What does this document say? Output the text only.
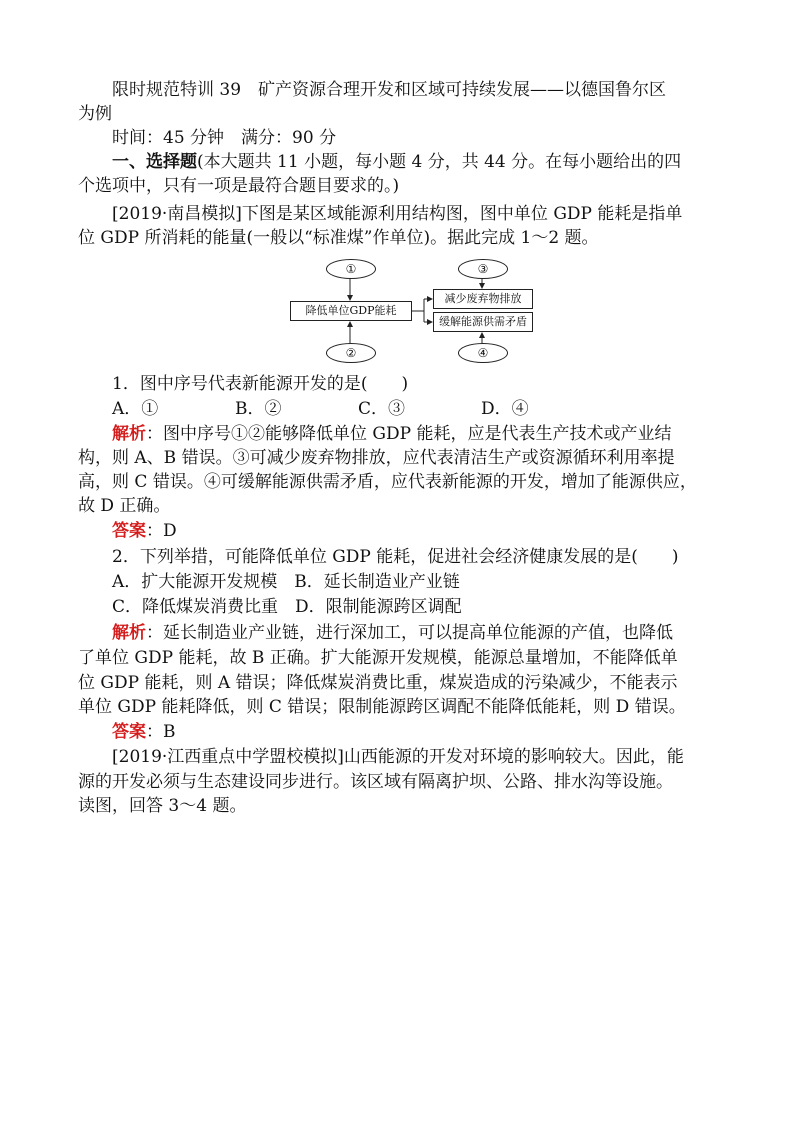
限时规范特训 39　矿产资源合理开发和区域可持续发展——以德国鲁尔区
为例
时间：45 分钟　满分：90 分
一、选择题(本大题共 11 小题，每小题 4 分，共 44 分。在每小题给出的四
个选项中，只有一项是最符合题目要求的。)
[2019·南昌模拟]下图是某区域能源利用结构图，图中单位 GDP 能耗是指单
位 GDP 所消耗的能量(一般以“标准煤”作单位)。据此完成 1～2 题。
①
降低单位GDP能耗
②
③
减少废弃物排放
缓解能源供需矛盾
④
1．图中序号代表新能源开发的是(　　)
A．①	B．②	C．③	D．④
解析：图中序号①②能够降低单位 GDP 能耗，应是代表生产技术或产业结
构，则 A、B 错误。③可减少废弃物排放，应代表清洁生产或资源循环利用率提
高，则 C 错误。④可缓解能源供需矛盾，应代表新能源的开发，增加了能源供应，
故 D 正确。
答案：D
2．下列举措，可能降低单位 GDP 能耗，促进社会经济健康发展的是(　　)
A．扩大能源开发规模　B．延长制造业产业链
C．降低煤炭消费比重　D．限制能源跨区调配
解析：延长制造业产业链，进行深加工，可以提高单位能源的产值，也降低
了单位 GDP 能耗，故 B 正确。扩大能源开发规模，能源总量增加，不能降低单
位 GDP 能耗，则 A 错误；降低煤炭消费比重，煤炭造成的污染减少，不能表示
单位 GDP 能耗降低，则 C 错误；限制能源跨区调配不能降低能耗，则 D 错误。
答案：B
[2019·江西重点中学盟校模拟]山西能源的开发对环境的影响较大。因此，能
源的开发必须与生态建设同步进行。该区域有隔离护坝、公路、排水沟等设施。
读图，回答 3～4 题。
